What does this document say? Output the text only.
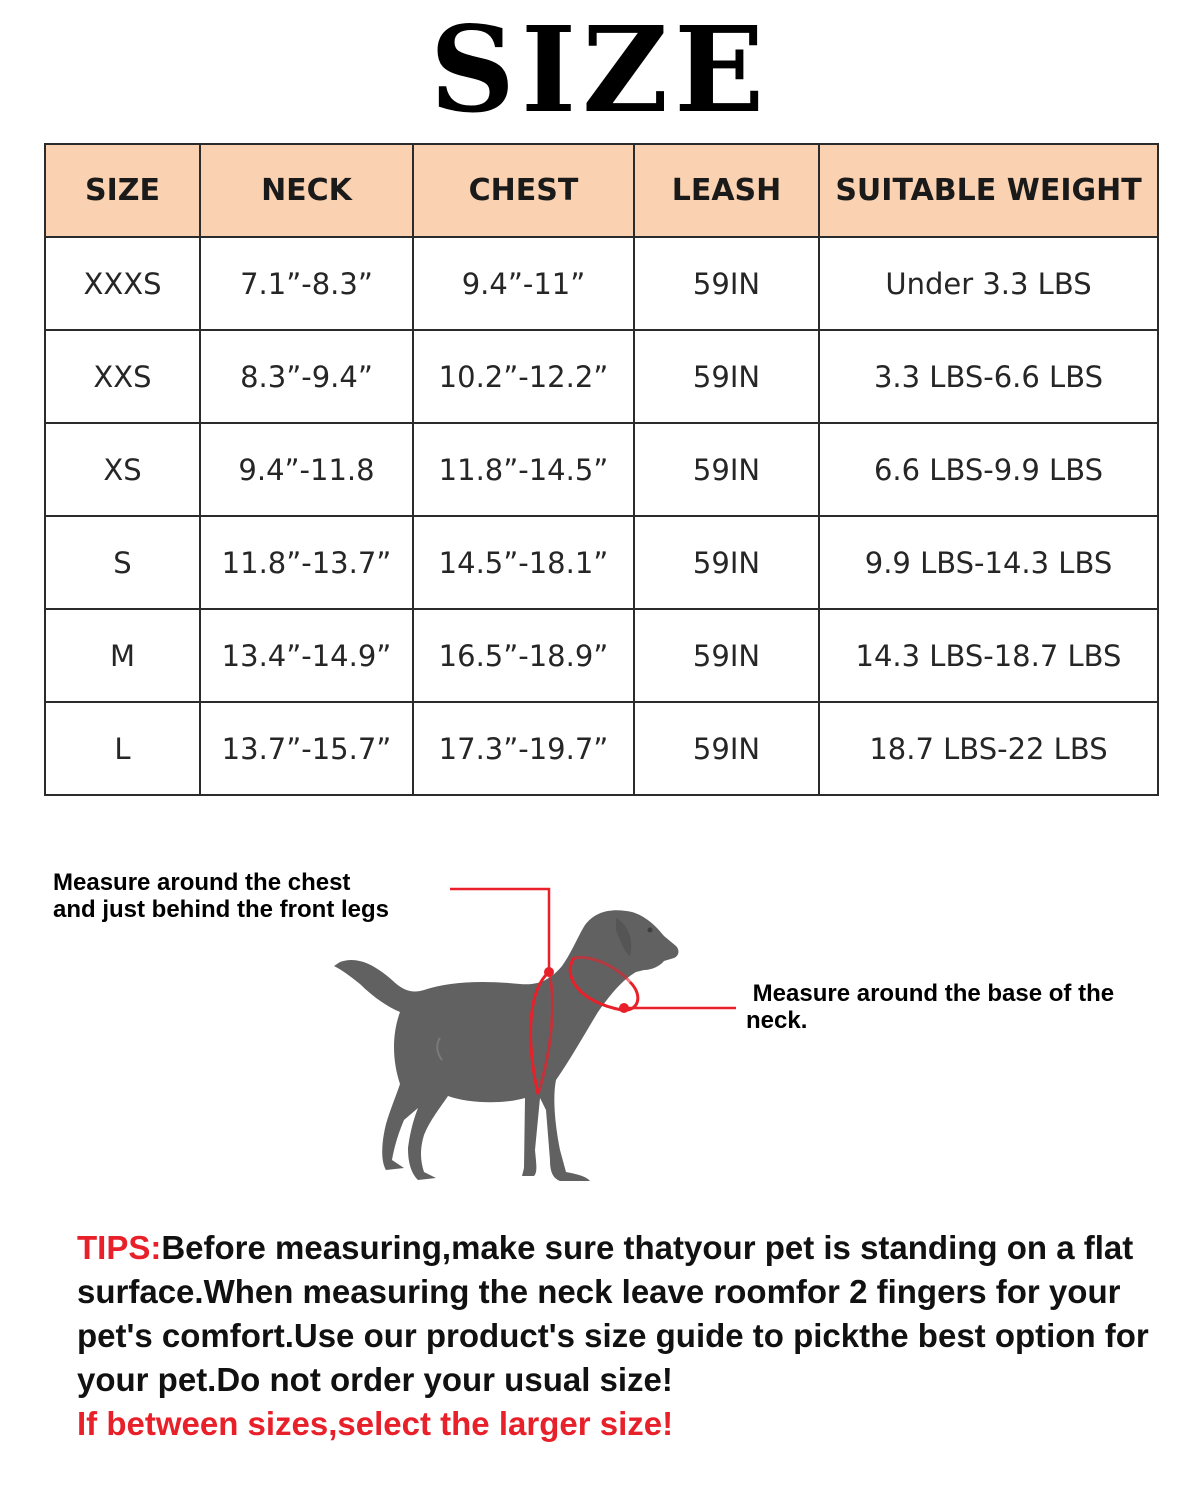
SIZE
SIZE	NECK	CHEST	LEASH	SUITABLE WEIGHT
XXXS	7.1”-8.3”	9.4”-11”	59IN	Under 3.3 LBS
XXS	8.3”-9.4”	10.2”-12.2”	59IN	3.3 LBS-6.6 LBS
XS	9.4”-11.8	11.8”-14.5”	59IN	6.6 LBS-9.9 LBS
S	11.8”-13.7”	14.5”-18.1”	59IN	9.9 LBS-14.3 LBS
M	13.4”-14.9”	16.5”-18.9”	59IN	14.3 LBS-18.7 LBS
L	13.7”-15.7”	17.3”-19.7”	59IN	18.7 LBS-22 LBS
Measure around the chest
and just behind the front legs
Measure around the base of the
neck.
TIPS:Before measuring,make sure thatyour pet is standing on a flat surface.When measuring the neck leave roomfor 2 fingers for your pet's comfort.Use our product's size guide to pickthe best option for your pet.Do not order your usual size!
If between sizes,select the larger size!
